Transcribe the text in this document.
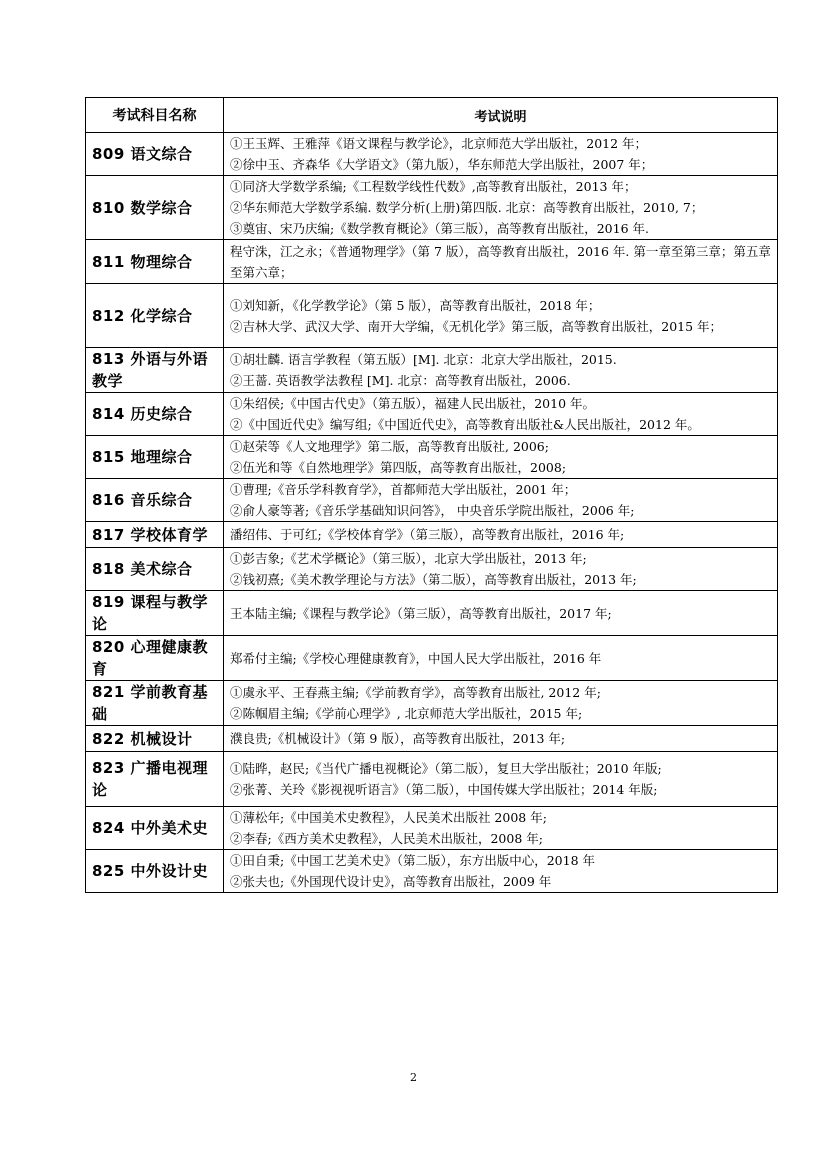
考试科目名称	考试说明
809 语文综合	①王玉辉、王雅萍《语文课程与教学论》，北京师范大学出版社，2012 年；
②徐中玉、齐森华《大学语文》（第九版），华东师范大学出版社，2007 年；

810 数学综合	①同济大学数学系编;《工程数学线性代数》,高等教育出版社，2013 年；
②华东师范大学数学系编. 数学分析(上册)第四版. 北京：高等教育出版社，2010, 7；
③奠宙、宋乃庆编;《数学教育概论》（第三版），高等教育出版社，2016 年.

811 物理综合	程守洙，江之永；《普通物理学》（第 7 版），高等教育出版社，2016 年. 第一章至第三章；第五章至第六章；

812 化学综合	①刘知新，《化学教学论》（第 5 版），高等教育出版社，2018 年；
②吉林大学、武汉大学、南开大学编，《无机化学》第三版，高等教育出版社，2015 年；

813 外语与外语教学	①胡壮麟. 语言学教程（第五版）[M]. 北京：北京大学出版社，2015.
②王蔷. 英语教学法教程 [M]. 北京：高等教育出版社，2006.

814 历史综合	①朱绍侯;《中国古代史》（第五版），福建人民出版社，2010 年。
②《中国近代史》编写组;《中国近代史》，高等教育出版社&人民出版社，2012 年。

815 地理综合	①赵荣等《人文地理学》第二版，高等教育出版社, 2006;
②伍光和等《自然地理学》第四版，高等教育出版社，2008;

816 音乐综合	①曹理;《音乐学科教育学》，首都师范大学出版社，2001 年；
②俞人豪等著;《音乐学基础知识问答》， 中央音乐学院出版社，2006 年;

817 学校体育学	潘绍伟、于可红;《学校体育学》（第三版），高等教育出版社，2016 年;

818 美术综合	①彭吉象;《艺术学概论》（第三版），北京大学出版社，2013 年;
②钱初熹;《美术教学理论与方法》（第二版），高等教育出版社，2013 年;

819 课程与教学论	王本陆主编;《课程与教学论》（第三版），高等教育出版社，2017 年;

820 心理健康教育	郑希付主编;《学校心理健康教育》，中国人民大学出版社，2016 年

821 学前教育基础	①虞永平、王春燕主编;《学前教育学》，高等教育出版社, 2012 年;
②陈帼眉主编;《学前心理学》, 北京师范大学出版社，2015 年;

822 机械设计	濮良贵;《机械设计》（第 9 版），高等教育出版社，2013 年;

823 广播电视理论	①陆晔，赵民;《当代广播电视概论》（第二版），复旦大学出版社；2010 年版;
②张菁、关玲《影视视听语言》（第二版），中国传媒大学出版社；2014 年版;

824 中外美术史	①薄松年;《中国美术史教程》，人民美术出版社 2008 年;
②李春;《西方美术史教程》，人民美术出版社，2008 年;

825 中外设计史	①田自秉;《中国工艺美术史》（第二版），东方出版中心，2018 年
②张夫也;《外国现代设计史》，高等教育出版社，2009 年
2
